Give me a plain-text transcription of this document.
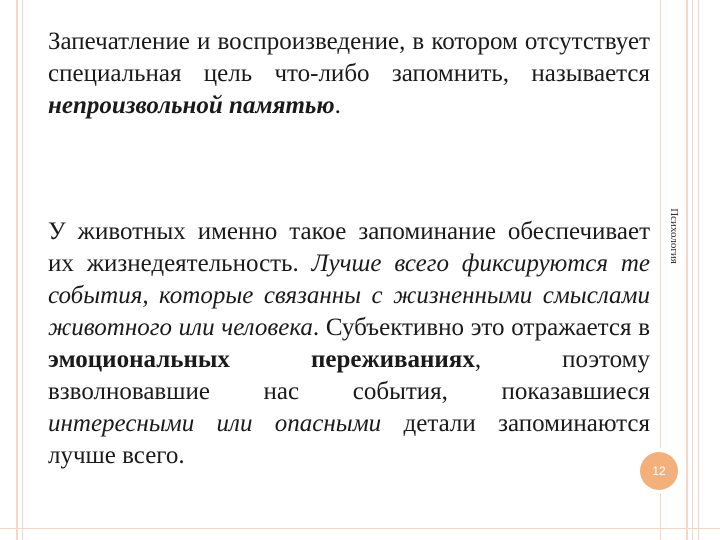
Запечатление и воспроизведение, в котором отсутствует специальная цель что-либо запомнить, называется непроизвольной памятью.

У животных именно такое запоминание обеспечивает их жизнедеятельность. Лучше всего фиксируются те события, которые связанны с жизненными смыслами животного или человека. Субъективно это отражается в эмоциональных переживаниях, поэтому взволновавшие нас события, показавшиеся интересными или опасными детали запоминаются лучше всего.

Психология
12
